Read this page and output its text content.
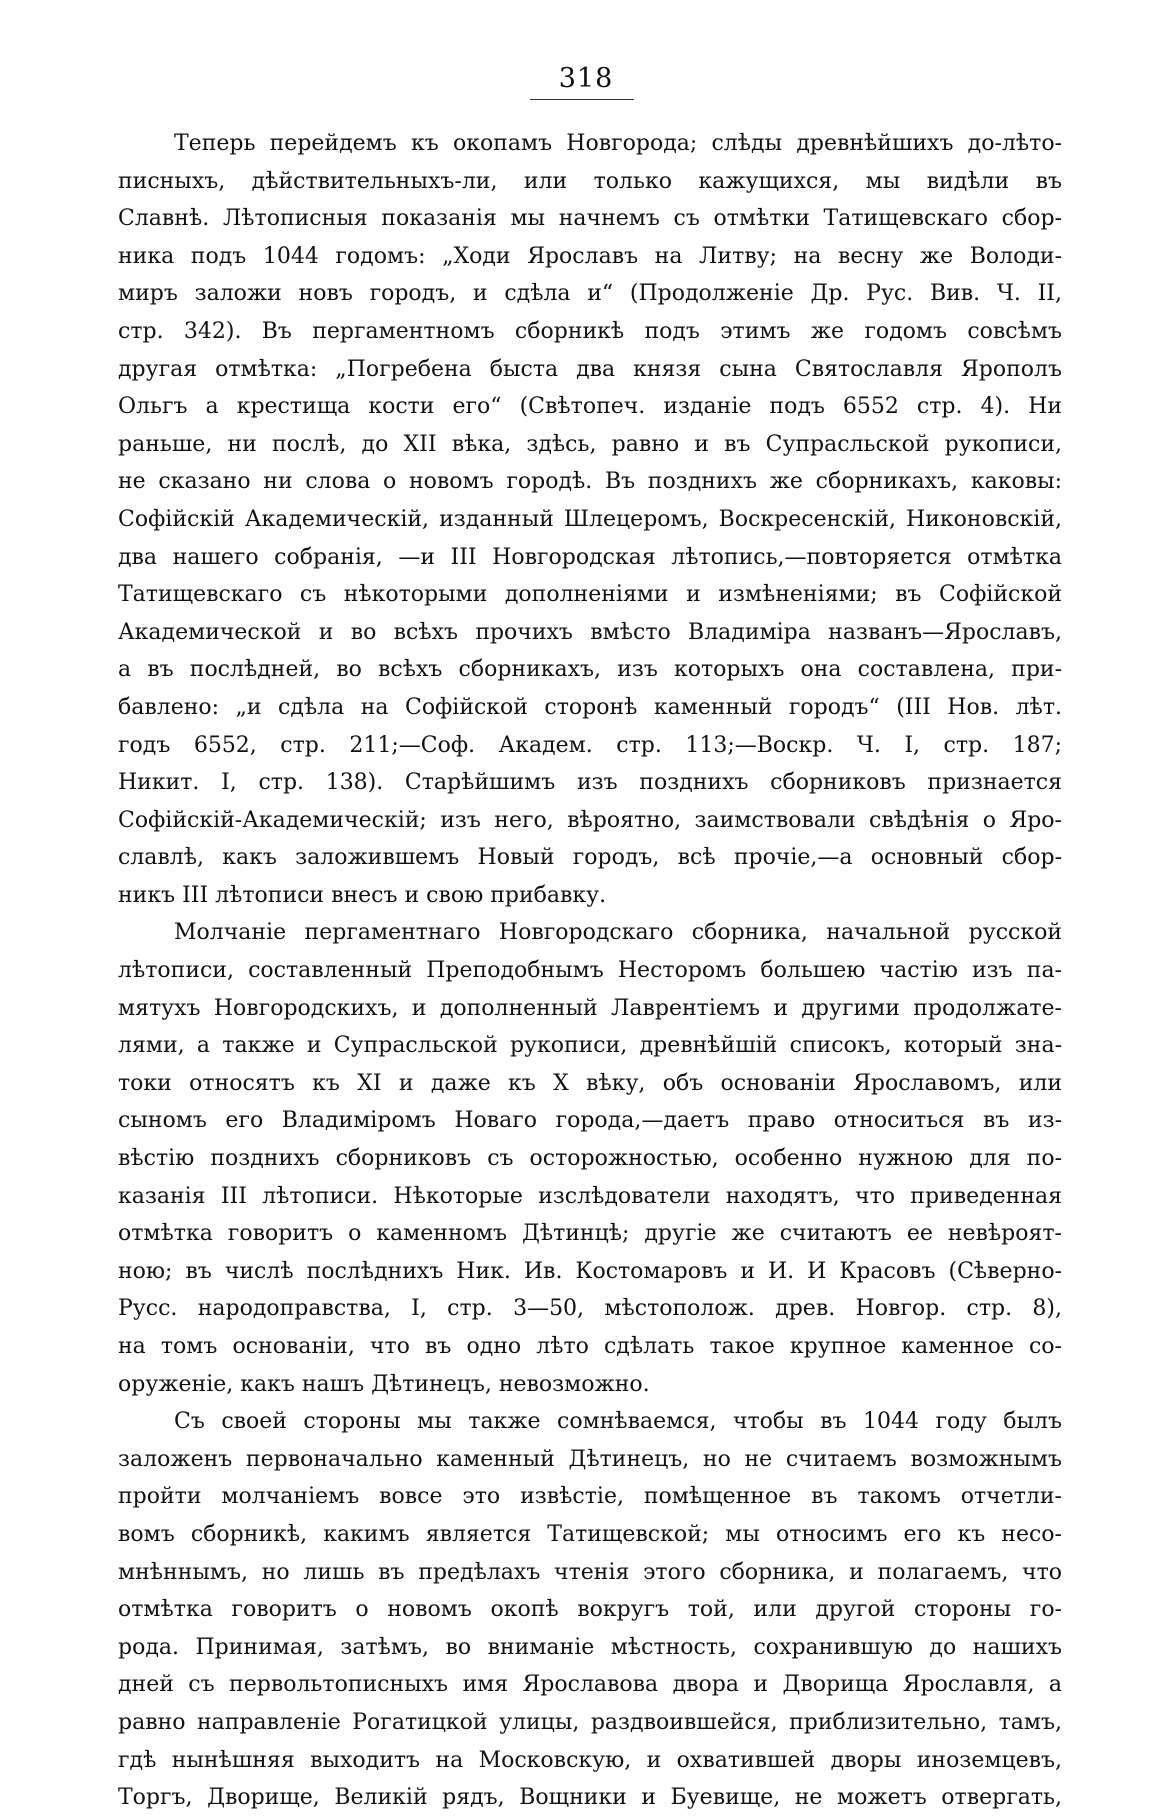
318
Теперь перейдемъ къ окопамъ Новгорода; слѣды древнѣйшихъ до-лѣто-
писныхъ, дѣйствительныхъ-ли, или только кажущихся, мы видѣли въ
Славнѣ. Лѣтописныя показанія мы начнемъ съ отмѣтки Татищевскаго сбор-
ника подъ 1044 годомъ: „Ходи Ярославъ на Литву; на весну же Володи-
миръ заложи новъ городъ, и сдѣла и“ (Продолженіе Др. Рус. Вив. Ч. II,
стр. 342). Въ пергаментномъ сборникѣ подъ этимъ же годомъ совсѣмъ
другая отмѣтка: „Погребена быста два князя сына Святославля Ярополъ
Ольгъ а крестища кости его“ (Свѣтопеч. изданіе подъ 6552 стр. 4). Ни
раньше, ни послѣ, до XII вѣка, здѣсь, равно и въ Супрасльской рукописи,
не сказано ни слова о новомъ городѣ. Въ позднихъ же сборникахъ, каковы:
Софійскій Академическій, изданный Шлецеромъ, Воскресенскій, Никоновскій,
два нашего собранія, —и III Новгородская лѣтопись,—повторяется отмѣтка
Татищевскаго съ нѣкоторыми дополненіями и измѣненіями; въ Софійской
Академической и во всѣхъ прочихъ вмѣсто Владиміра названъ—Ярославъ,
а въ послѣдней, во всѣхъ сборникахъ, изъ которыхъ она составлена, при-
бавлено: „и сдѣла на Софійской сторонѣ каменный городъ“ (III Нов. лѣт.
годъ 6552, стр. 211;—Соф. Академ. стр. 113;—Воскр. Ч. I, стр. 187;
Никит. I, стр. 138). Старѣйшимъ изъ позднихъ сборниковъ признается
Софійскій-Академическій; изъ него, вѣроятно, заимствовали свѣдѣнія о Яро-
славлѣ, какъ заложившемъ Новый городъ, всѣ прочіе,—а основный сбор-
никъ III лѣтописи внесъ и свою прибавку.
Молчаніе пергаментнаго Новгородскаго сборника, начальной русской
лѣтописи, составленный Преподобнымъ Несторомъ большею частію изъ па-
мятухъ Новгородскихъ, и дополненный Лаврентіемъ и другими продолжате-
лями, а также и Супрасльской рукописи, древнѣйшій списокъ, который зна-
токи относятъ къ XI и даже къ X вѣку, объ основаніи Ярославомъ, или
сыномъ его Владиміромъ Новаго города,—даетъ право относиться въ из-
вѣстію позднихъ сборниковъ съ осторожностью, особенно нужною для по-
казанія III лѣтописи. Нѣкоторые изслѣдователи находятъ, что приведенная
отмѣтка говоритъ о каменномъ Дѣтинцѣ; другіе же считаютъ ее невѣроят-
ною; въ числѣ послѣднихъ Ник. Ив. Костомаровъ и И. И Красовъ (Сѣверно-
Русс. народоправства, I, стр. 3—50, мѣстополож. древ. Новгор. стр. 8),
на томъ основаніи, что въ одно лѣто сдѣлать такое крупное каменное со-
оруженіе, какъ нашъ Дѣтинецъ, невозможно.
Съ своей стороны мы также сомнѣваемся, чтобы въ 1044 году былъ
заложенъ первоначально каменный Дѣтинецъ, но не считаемъ возможнымъ
пройти молчаніемъ вовсе это извѣстіе, помѣщенное въ такомъ отчетли-
вомъ сборникѣ, какимъ является Татищевской; мы относимъ его къ несо-
мнѣннымъ, но лишь въ предѣлахъ чтенія этого сборника, и полагаемъ, что
отмѣтка говоритъ о новомъ окопѣ вокругъ той, или другой стороны го-
рода. Принимая, затѣмъ, во вниманіе мѣстность, сохранившую до нашихъ
дней съ первольтописныхъ имя Ярославова двора и Дворища Ярославля, а
равно направленіе Рогатицкой улицы, раздвоившейся, приблизительно, тамъ,
гдѣ нынѣшняя выходитъ на Московскую, и охватившей дворы иноземцевъ,
Торгъ, Дворище, Великій рядъ, Вощники и Буевище, не можетъ отвергать,
